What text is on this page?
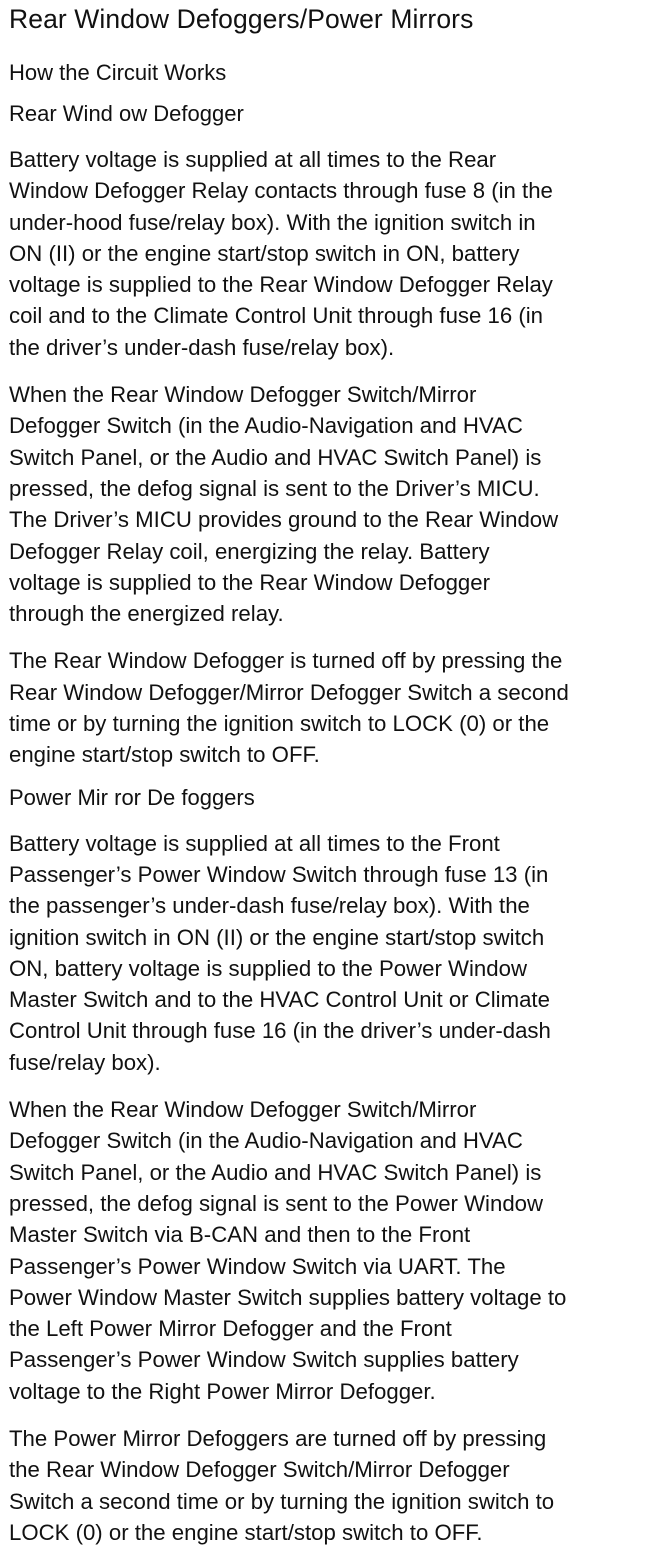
Rear Window Defoggers/Power Mirrors
How the Circuit Works
Rear Wind ow Defogger

Battery voltage is supplied at all times to the Rear
Window Defogger Relay contacts through fuse 8 (in the
under-hood fuse/relay box). With the ignition switch in
ON (II) or the engine start/stop switch in ON, battery
voltage is supplied to the Rear Window Defogger Relay
coil and to the Climate Control Unit through fuse 16 (in
the driver’s under-dash fuse/relay box).

When the Rear Window Defogger Switch/Mirror
Defogger Switch (in the Audio-Navigation and HVAC
Switch Panel, or the Audio and HVAC Switch Panel) is
pressed, the defog signal is sent to the Driver’s MICU.
The Driver’s MICU provides ground to the Rear Window
Defogger Relay coil, energizing the relay. Battery
voltage is supplied to the Rear Window Defogger
through the energized relay.

The Rear Window Defogger is turned off by pressing the
Rear Window Defogger/Mirror Defogger Switch a second
time or by turning the ignition switch to LOCK (0) or the
engine start/stop switch to OFF.

Power Mir ror De foggers

Battery voltage is supplied at all times to the Front
Passenger’s Power Window Switch through fuse 13 (in
the passenger’s under-dash fuse/relay box). With the
ignition switch in ON (II) or the engine start/stop switch
ON, battery voltage is supplied to the Power Window
Master Switch and to the HVAC Control Unit or Climate
Control Unit through fuse 16 (in the driver’s under-dash
fuse/relay box).

When the Rear Window Defogger Switch/Mirror
Defogger Switch (in the Audio-Navigation and HVAC
Switch Panel, or the Audio and HVAC Switch Panel) is
pressed, the defog signal is sent to the Power Window
Master Switch via B-CAN and then to the Front
Passenger’s Power Window Switch via UART. The
Power Window Master Switch supplies battery voltage to
the Left Power Mirror Defogger and the Front
Passenger’s Power Window Switch supplies battery
voltage to the Right Power Mirror Defogger.

The Power Mirror Defoggers are turned off by pressing
the Rear Window Defogger Switch/Mirror Defogger
Switch a second time or by turning the ignition switch to
LOCK (0) or the engine start/stop switch to OFF.
